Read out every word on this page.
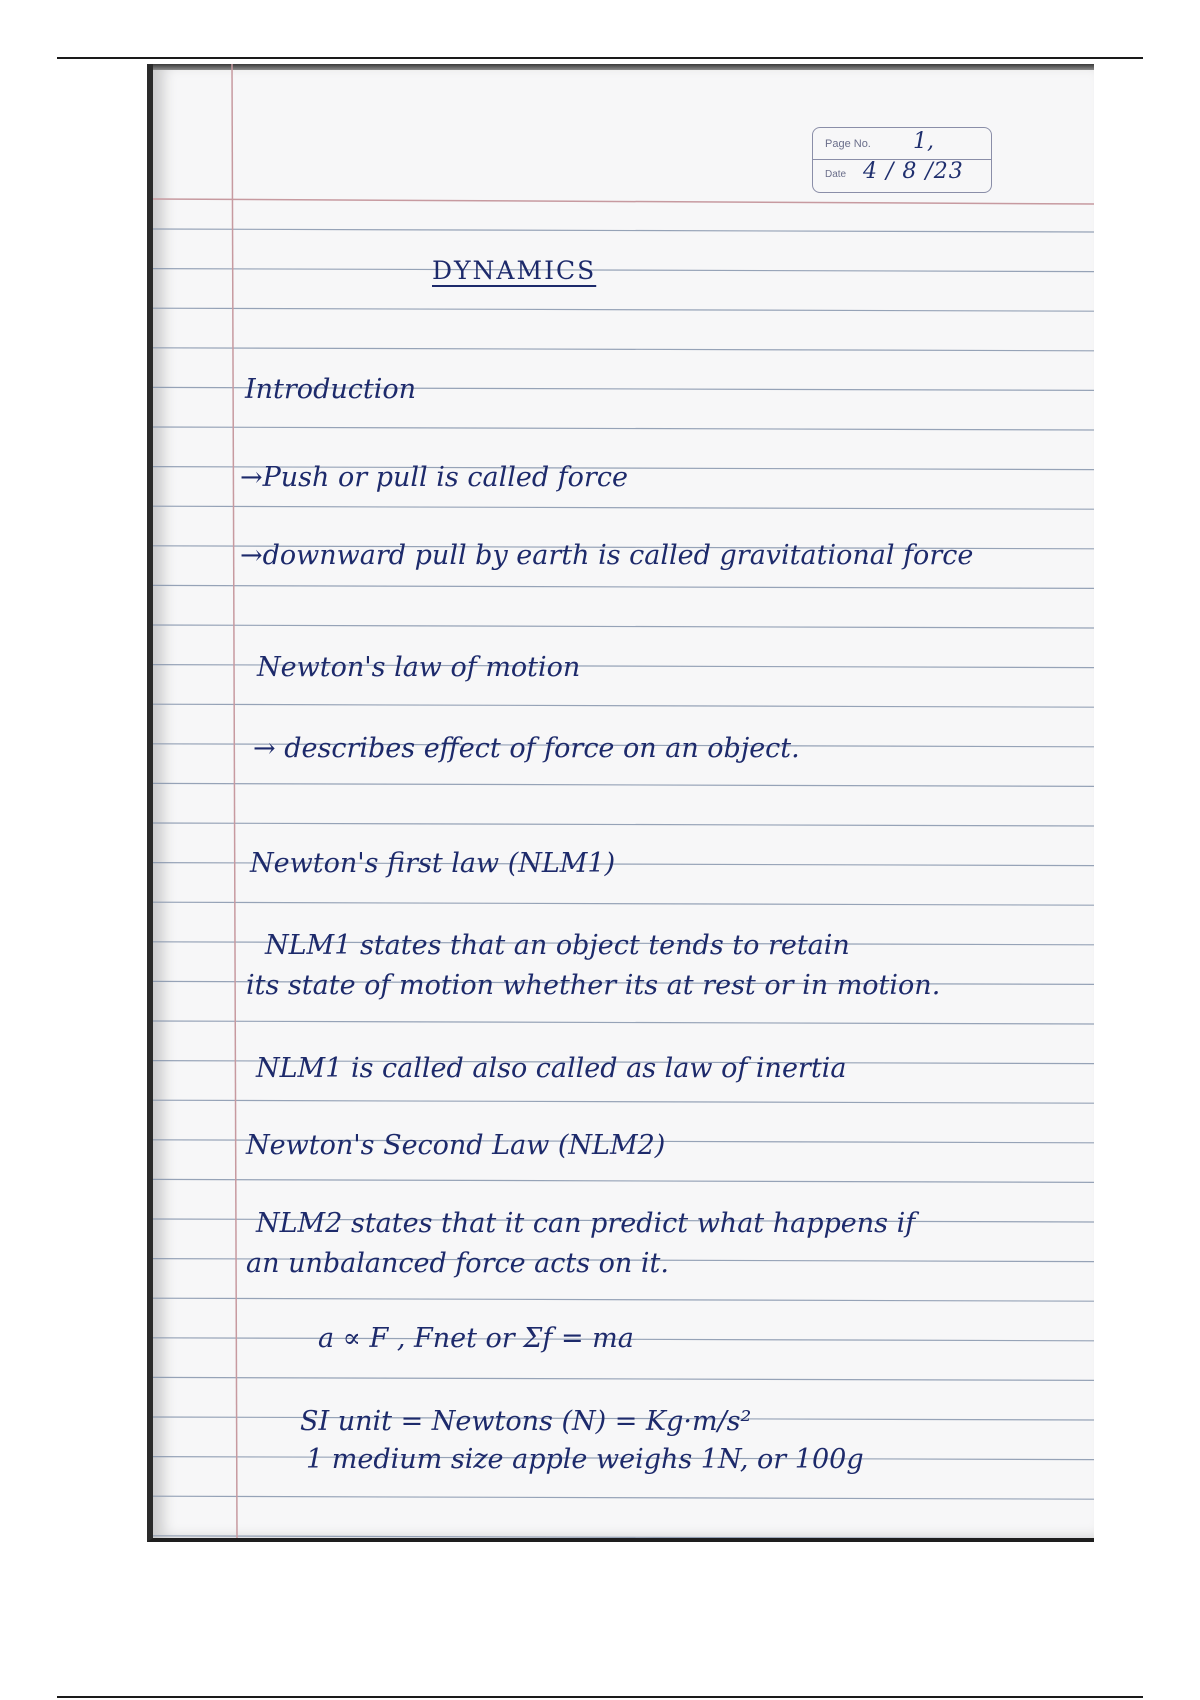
Page No. 1,
Date 4 / 8 /23
DYNAMICS
Introduction
→Push or pull is called force
→downward pull by earth is called gravitational force
Newton's law of motion
→ describes effect of force on an object.
Newton's first law (NLM1)
NLM1 states that an object tends to retain
its state of motion whether its at rest or in motion.
NLM1 is called also called as law of inertia
Newton's Second Law (NLM2)
NLM2 states that it can predict what happens if
an unbalanced force acts on it.
a ∝ F , Fnet or Σf = ma
SI unit = Newtons (N) = Kg·m/s²
1 medium size apple weighs 1N, or 100g
